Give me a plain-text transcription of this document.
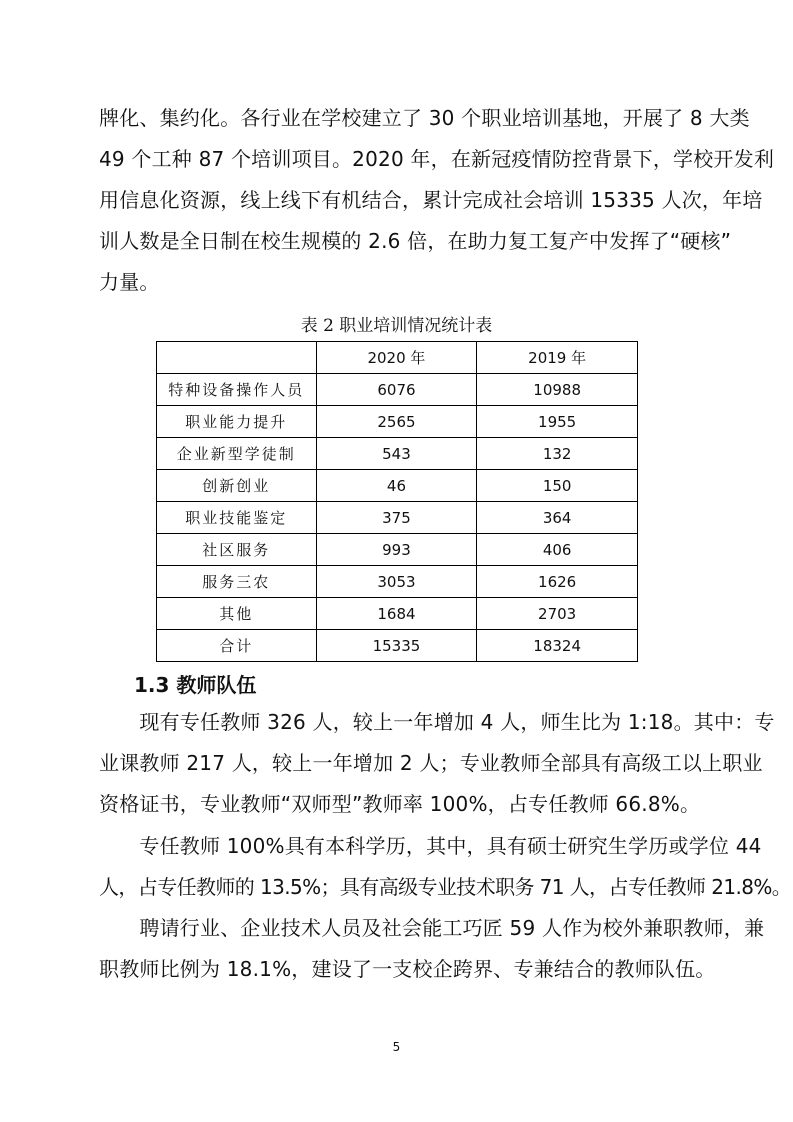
牌化、集约化。各行业在学校建立了 30 个职业培训基地，开展了 8 大类
49 个工种 87 个培训项目。2020 年，在新冠疫情防控背景下，学校开发利
用信息化资源，线上线下有机结合，累计完成社会培训 15335 人次，年培
训人数是全日制在校生规模的 2.6 倍，在助力复工复产中发挥了“硬核”
力量。

表 2 职业培训情况统计表
	2020 年	2019 年
特种设备操作人员	6076	10988
职业能力提升	2565	1955
企业新型学徒制	543	132
创新创业	46	150
职业技能鉴定	375	364
社区服务	993	406
服务三农	3053	1626
其他	1684	2703
合计	15335	18324
1.3 教师队伍

　　现有专任教师 326 人，较上一年增加 4 人，师生比为 1:18。其中：专
业课教师 217 人，较上一年增加 2 人；专业教师全部具有高级工以上职业
资格证书，专业教师“双师型”教师率 100%，占专任教师 66.8%。

　　专任教师 100%具有本科学历，其中，具有硕士研究生学历或学位 44
人，占专任教师的 13.5%；具有高级专业技术职务 71 人，占专任教师 21.8%。

　　聘请行业、企业技术人员及社会能工巧匠 59 人作为校外兼职教师，兼
职教师比例为 18.1%，建设了一支校企跨界、专兼结合的教师队伍。

5
